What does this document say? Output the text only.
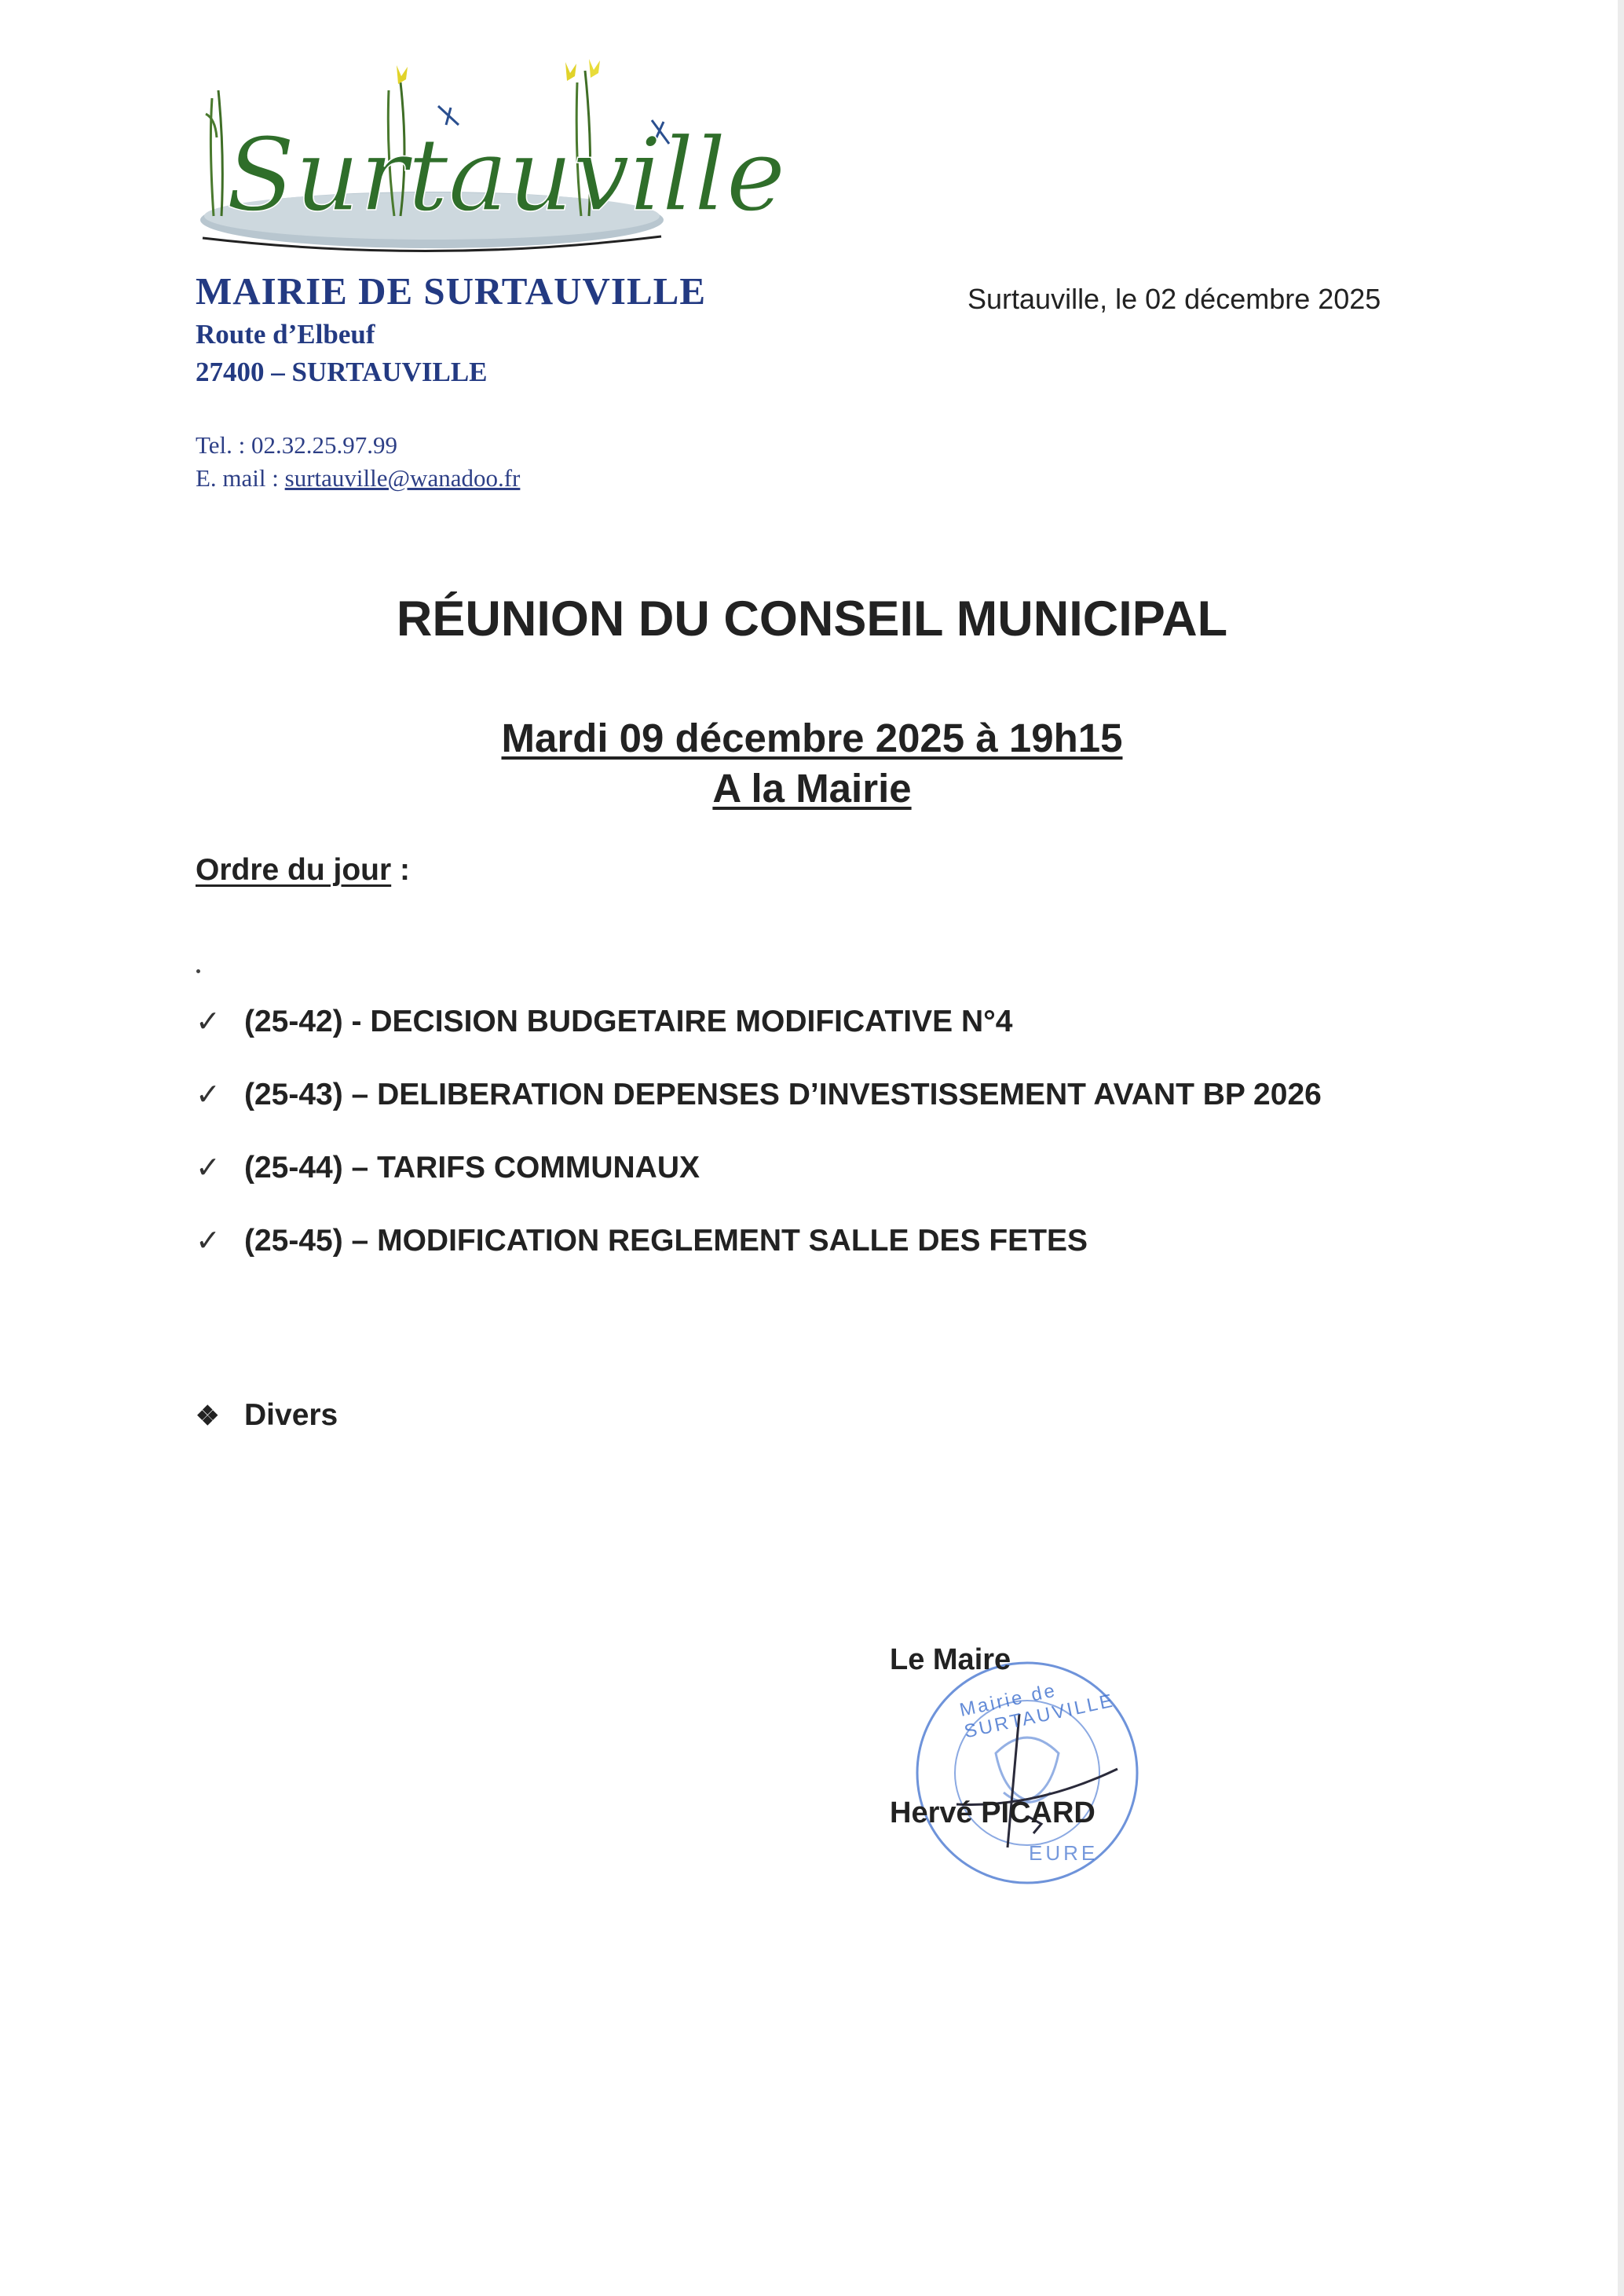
Surtauville
MAIRIE DE SURTAUVILLE
Route d’Elbeuf
27400 – SURTAUVILLE
Tel. : 02.32.25.97.99
E. mail : surtauville@wanadoo.fr
Surtauville, le 02 décembre 2025
RÉUNION DU CONSEIL MUNICIPAL
Mardi 09 décembre 2025 à 19h15
A la Mairie
Ordre du jour :
✓ (25-42) - DECISION BUDGETAIRE MODIFICATIVE N°4
✓ (25-43) – DELIBERATION DEPENSES D’INVESTISSEMENT AVANT BP 2026
✓ (25-44) – TARIFS COMMUNAUX
✓ (25-45) – MODIFICATION REGLEMENT SALLE DES FETES
❖ Divers
Mairie de SURTAUVILLE
EURE
Le Maire
Hervé PICARD
